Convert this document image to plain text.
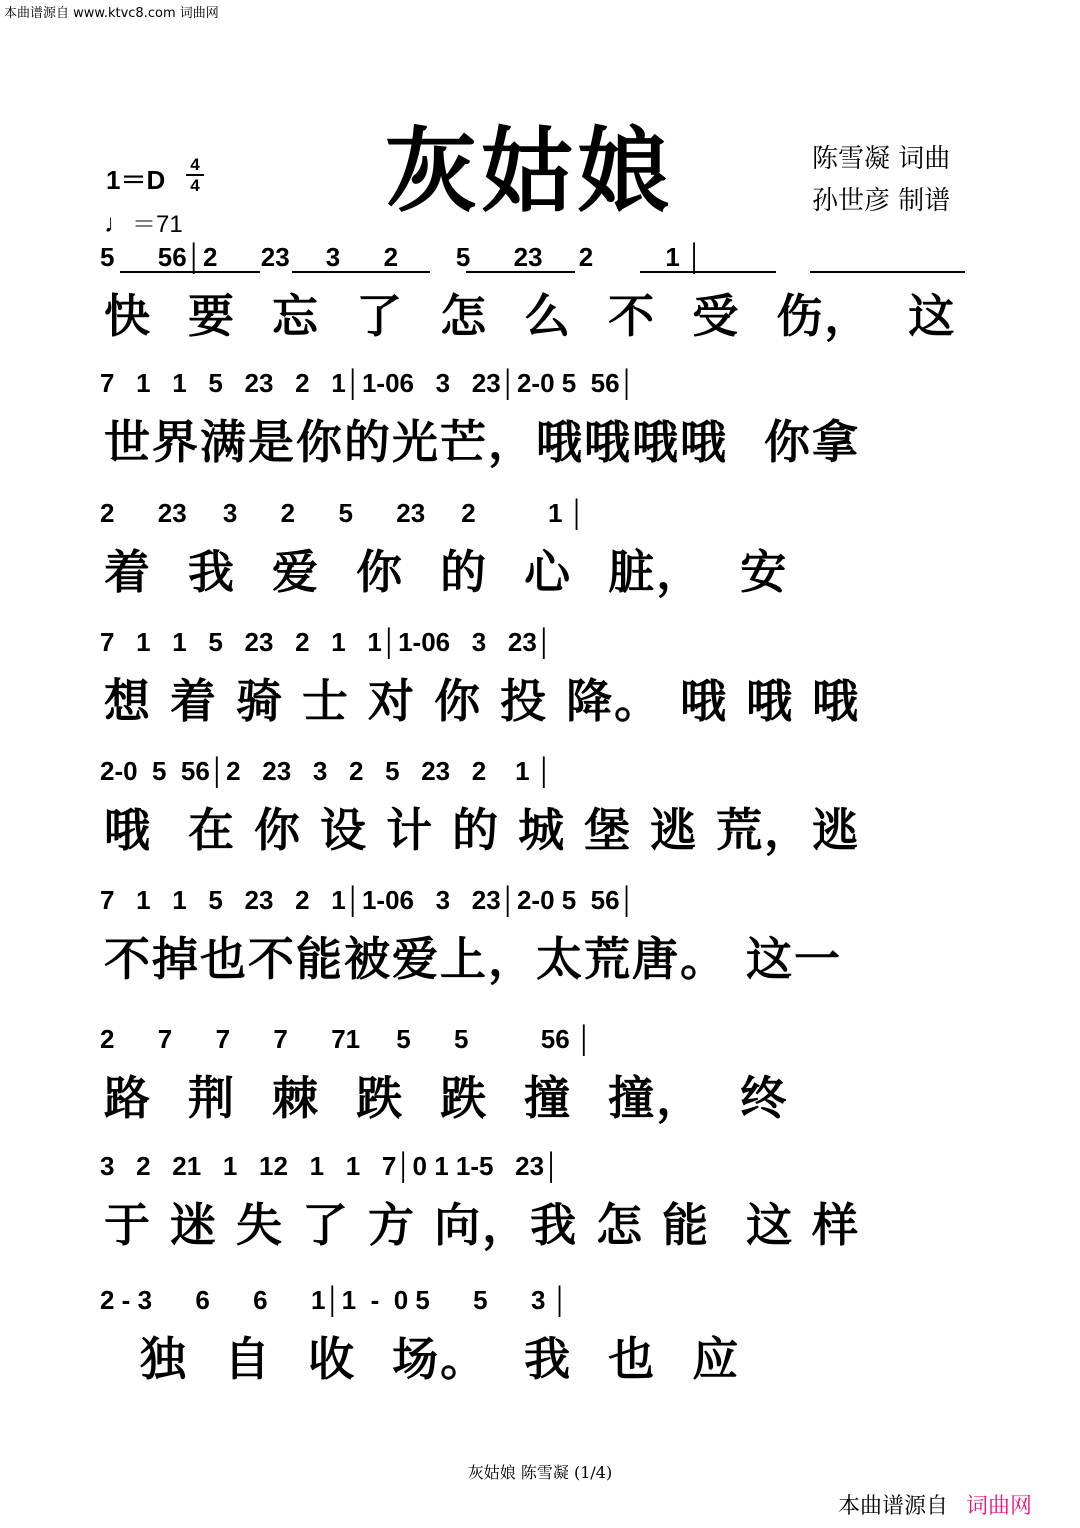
本曲谱源自 www.ktvc8.com 词曲网
灰姑娘	陈雪凝 词曲
孙世彦 制谱
1＝D
4
4
♩＝71
5      56│2      23     3      2        5      23     2          1 │
快  要  忘  了  怎  么  不  受  伤，  这
7   1   1   5   23   2   1│1-06   3   23│2-0 5  56│
世界满是你的光芒，哦哦哦哦  你拿
2      23     3      2      5      23     2          1 │
着  我  爱  你  的  心  脏，  安
7   1   1   5   23   2   1   1│1-06   3   23│
想 着 骑 士 对 你 投 降。 哦 哦 哦
2-0  5  56│2   23   3   2   5   23   2    1 │
哦  在 你 设 计 的 城 堡 逃 荒，逃
7   1   1   5   23   2   1│1-06   3   23│2-0 5  56│
不掉也不能被爱上，太荒唐。 这一
2      7      7      7      71     5      5          56 │
路  荆  棘  跌  跌  撞  撞，  终
3   2   21   1   12   1   1   7│0 1 1-5   23│
于 迷 失 了 方 向，我 怎 能  这 样
2 - 3      6      6      1│1  -  0 5      5      3 │
独  自  收  场。  我  也  应
灰姑娘 陈雪凝 (1/4)
本曲谱源自 词曲网
